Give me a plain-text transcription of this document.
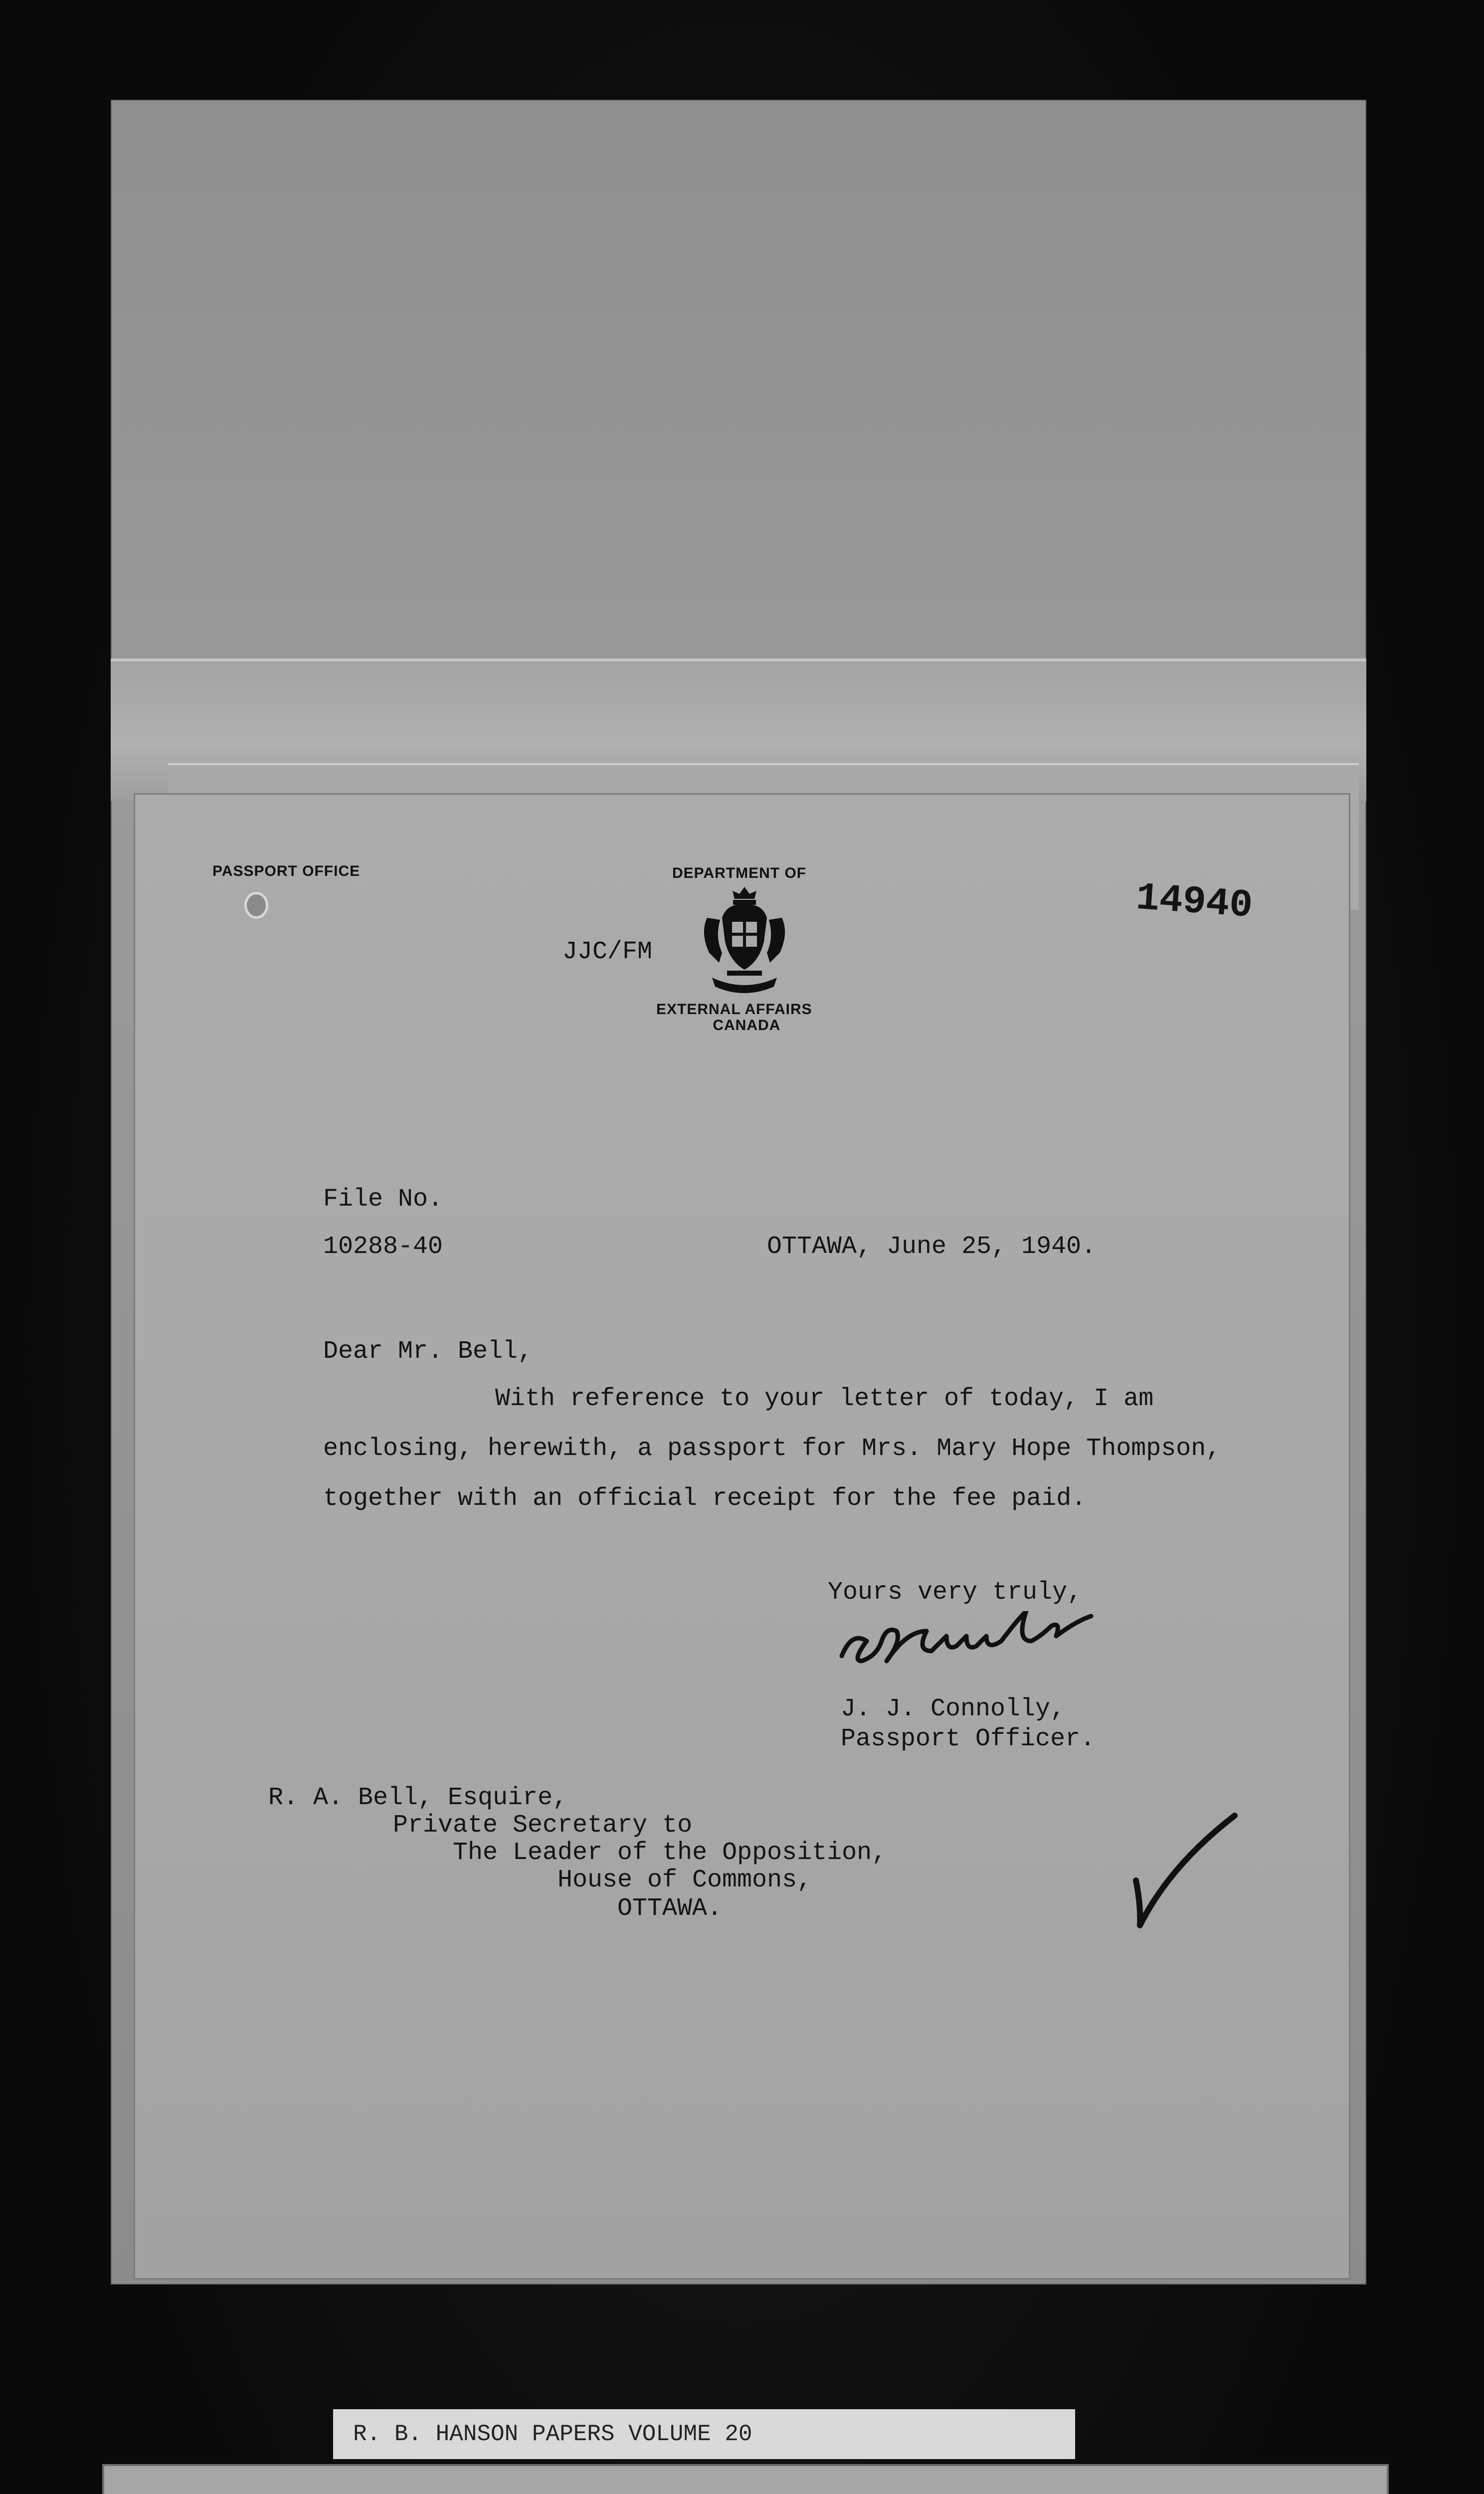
PASSPORT OFFICE	DEPARTMENT OF
EXTERNAL AFFAIRS
CANADA
JJC/FM
14940
File No.
10288-40	OTTAWA, June 25, 1940.
Dear Mr. Bell,
With reference to your letter of today, I am
enclosing, herewith, a passport for Mrs. Mary Hope Thompson,
together with an official receipt for the fee paid.
Yours very truly,
J. J. Connolly,
Passport Officer.
R. A. Bell, Esquire,
Private Secretary to
The Leader of the Opposition,
House of Commons,
OTTAWA.
R. B. HANSON PAPERS VOLUME 20
